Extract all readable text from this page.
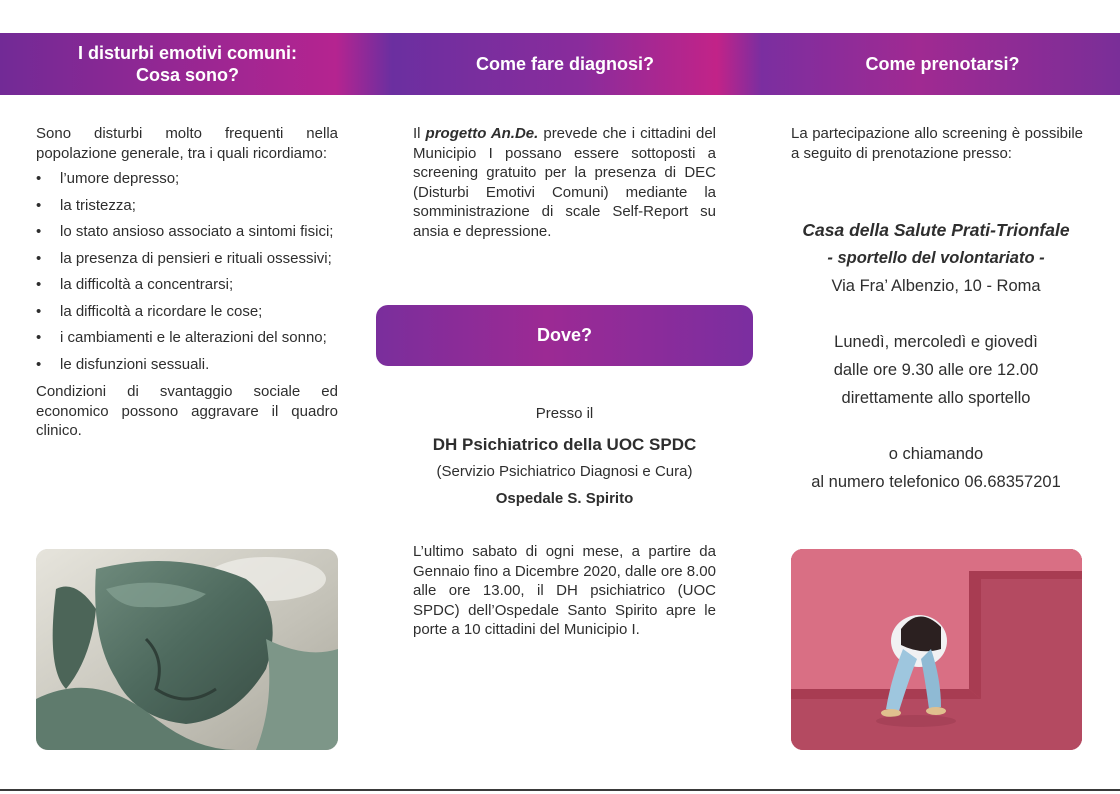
I disturbi emotivi comuni:
Cosa sono?
Come fare diagnosi?	Come prenotarsi?
Sono disturbi molto frequenti nella popolazione generale, tra i quali ricordiamo:
• l’umore depresso;
• la tristezza;
• lo stato ansioso associato a sintomi fisici;
• la presenza di pensieri e rituali ossessivi;
• la difficoltà a concentrarsi;
• la difficoltà a ricordare le cose;
• i cambiamenti e le alterazioni del sonno;
• le disfunzioni sessuali.
Condizioni di svantaggio sociale ed economico possono aggravare il quadro clinico.
Il progetto An.De. prevede che i cittadini del Municipio I possano essere sottoposti a screening gratuito per la presenza di DEC (Disturbi Emotivi Comuni) mediante la somministrazione di scale Self-Report su ansia e depressione.
Dove?
Presso il
DH Psichiatrico della UOC SPDC
(Servizio Psichiatrico Diagnosi e Cura)
Ospedale S. Spirito
L’ultimo sabato di ogni mese, a partire da Gennaio fino a Dicembre 2020, dalle ore 8.00 alle ore 13.00, il DH psichiatrico (UOC SPDC) dell’Ospedale Santo Spirito apre le porte a 10 cittadini del Municipio I.
La partecipazione allo screening è possibile a seguito di prenotazione presso:
Casa della Salute Prati-Trionfale
- sportello del volontariato -
Via Fra’ Albenzio, 10 - Roma
Lunedì, mercoledì e giovedì
dalle ore 9.30 alle ore 12.00
direttamente allo sportello
o chiamando
al numero telefonico 06.68357201
